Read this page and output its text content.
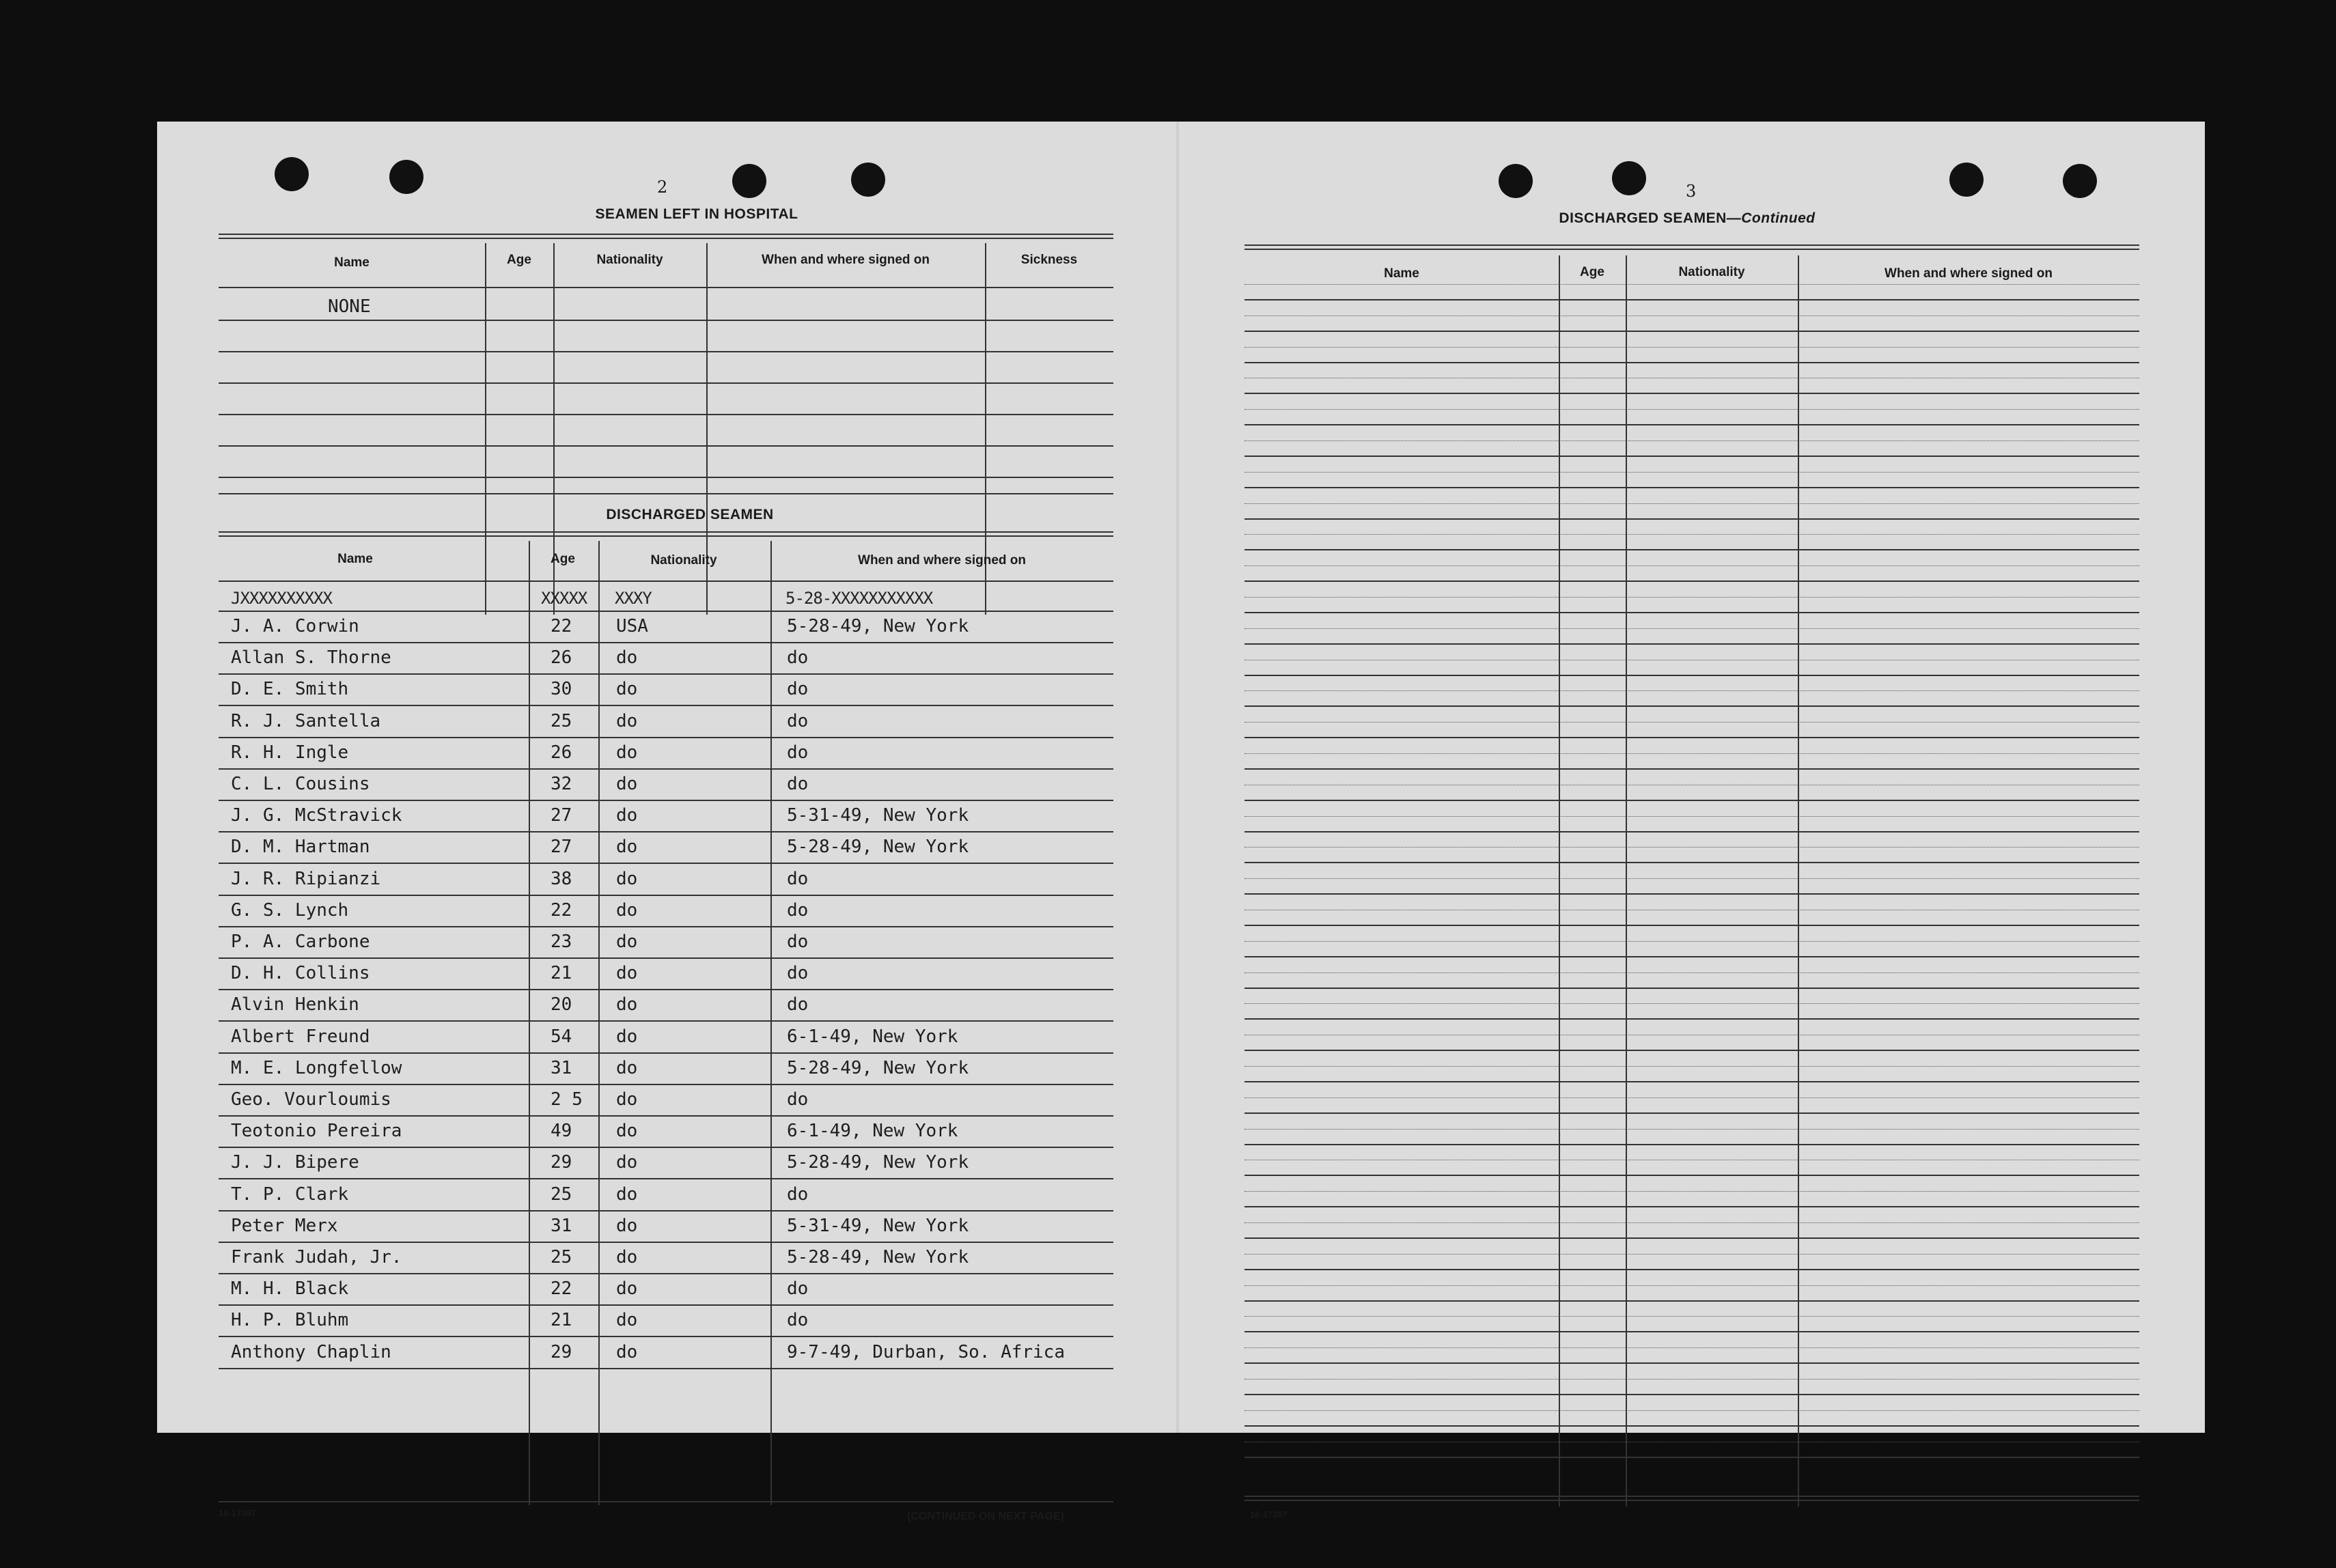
2
SEAMEN LEFT IN HOSPITAL
Name	Age	Nationality	When and where signed on	Sickness
NONE
DISCHARGED SEAMEN
Name	Age	Nationality	When and where signed on
JXXXXXXXXXX	XXXXX XXXY	5-28-XXXXXXXXXXX
J. A. Corwin	22 USA	5-28-49, New York
Allan S. Thorne	26 do	do
D. E. Smith	30 do	do
R. J. Santella	25 do	do
R. H. Ingle	26 do	do
C. L. Cousins	32 do	do
J. G. McStravick	27 do	5-31-49, New York
D. M. Hartman	27 do	5-28-49, New York
J. R. Ripianzi	38 do	do
G. S. Lynch	22 do	do
P. A. Carbone	23 do	do
D. H. Collins	21 do	do
Alvin Henkin	20 do	do
Albert Freund	54 do	6-1-49, New York
M. E. Longfellow	31 do	5-28-49, New York
Geo. Vourloumis	2 5 do	do
Teotonio Pereira	49 do	6-1-49, New York
J. J. Bipere	29 do	5-28-49, New York
T. P. Clark	25 do	do
Peter Merx	31 do	5-31-49, New York
Frank Judah, Jr.	25 do	5-28-49, New York
M. H. Black	22 do	do
H. P. Bluhm	21 do	do
Anthony Chaplin	29 do	9-7-49, Durban, So. Africa
16-17387	(CONTINUED ON NEXT PAGE)
3
DISCHARGED SEAMEN—Continued
Name	Age	Nationality	When and where signed on
16-17387
